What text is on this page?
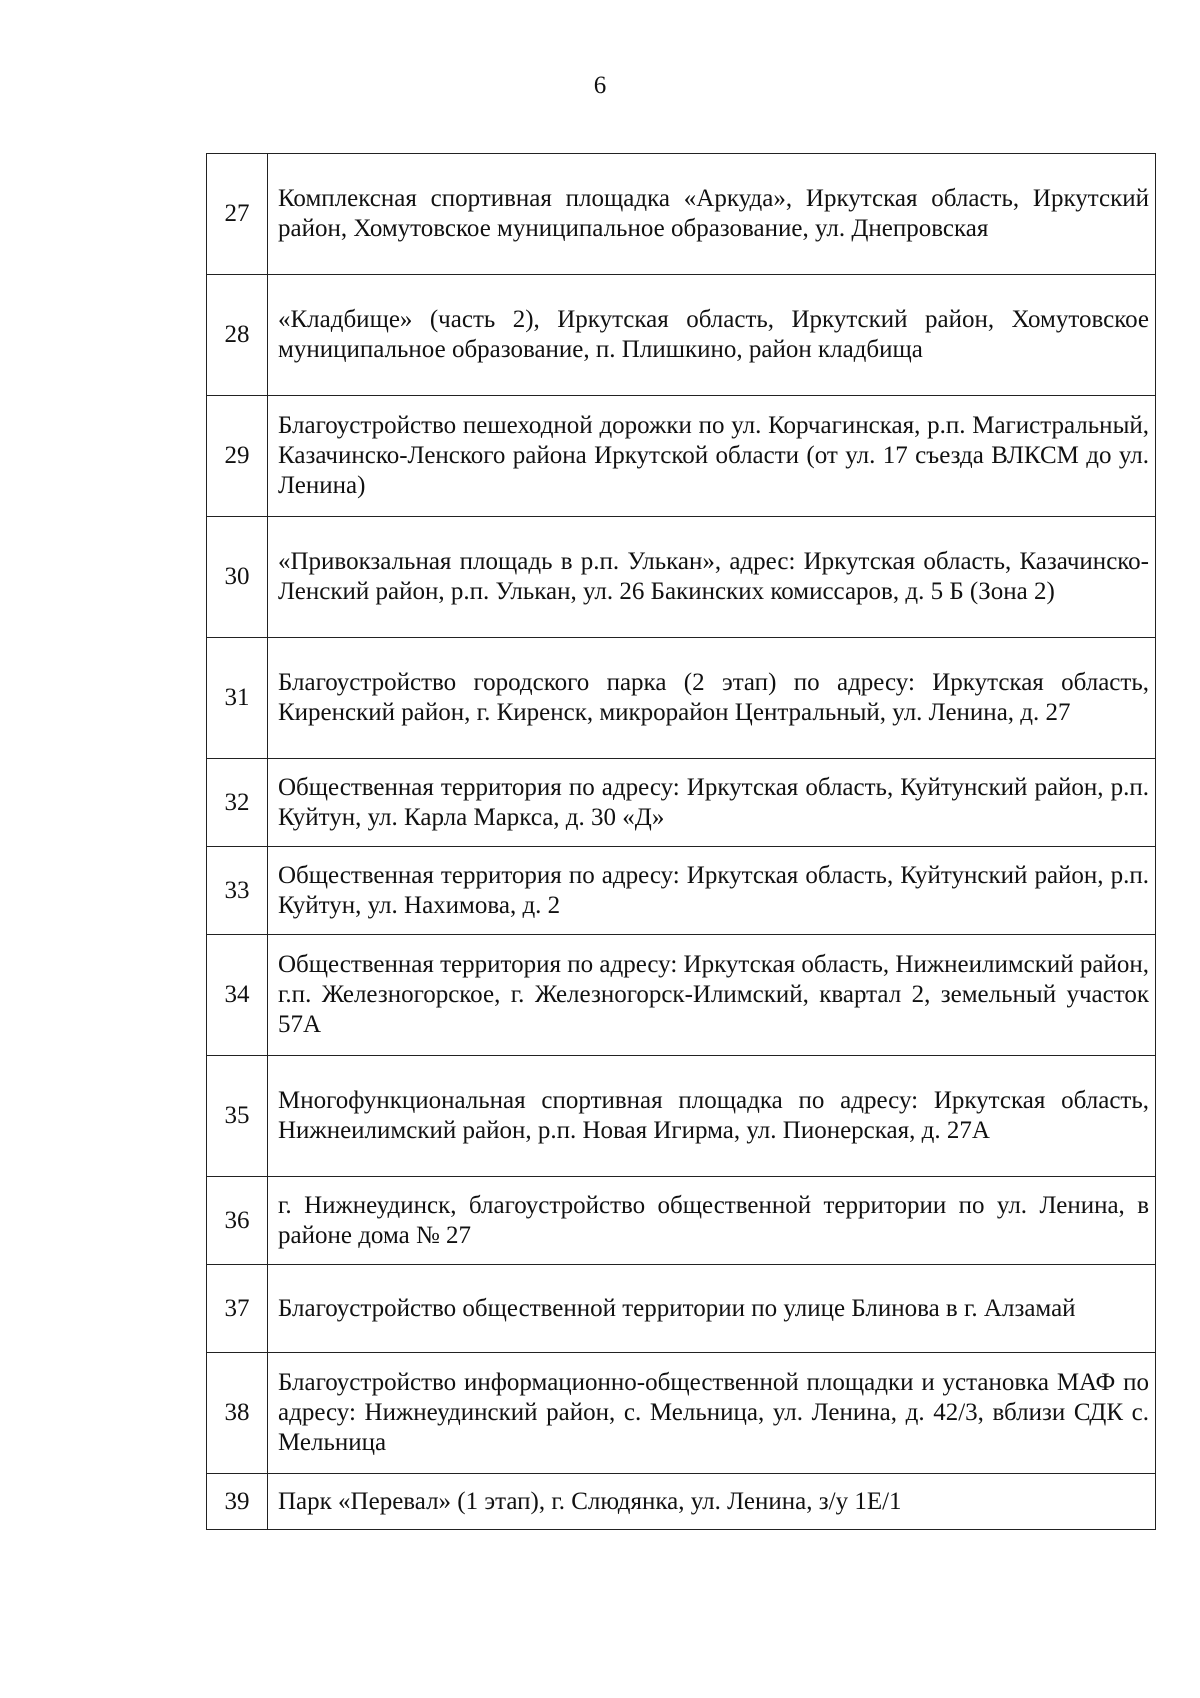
6
27	Комплексная спортивная площадка «Аркуда», Иркутская область, Иркутский район, Хомутовское муниципальное образование, ул. Днепровская
28	«Кладбище» (часть 2), Иркутская область, Иркутский район, Хомутовское муниципальное образование, п. Плишкино, район кладбища
29	Благоустройство пешеходной дорожки по ул. Корчагинская, р.п. Магистральный, Казачинско-Ленского района Иркутской области (от ул. 17 съезда ВЛКСМ до ул. Ленина)
30	«Привокзальная площадь в р.п. Улькан», адрес: Иркутская область, Казачинско-Ленский район, р.п. Улькан, ул. 26 Бакинских комиссаров, д. 5 Б (Зона 2)
31	Благоустройство городского парка (2 этап) по адресу: Иркутская область, Киренский район, г. Киренск, микрорайон Центральный, ул. Ленина, д. 27
32	Общественная территория по адресу: Иркутская область, Куйтунский район, р.п. Куйтун, ул. Карла Маркса, д. 30 «Д»
33	Общественная территория по адресу: Иркутская область, Куйтунский район, р.п. Куйтун, ул. Нахимова, д. 2
34	Общественная территория по адресу: Иркутская область, Нижнеилимский район, г.п. Железногорское, г. Железногорск-Илимский, квартал 2, земельный участок 57А
35	Многофункциональная спортивная площадка по адресу: Иркутская область, Нижнеилимский район, р.п. Новая Игирма, ул. Пионерская, д. 27А
36	г. Нижнеудинск, благоустройство общественной территории по ул. Ленина, в районе дома № 27
37	Благоустройство общественной территории по улице Блинова в г. Алзамай
38	Благоустройство информационно-общественной площадки и установка МАФ по адресу: Нижнеудинский район, с. Мельница, ул. Ленина, д. 42/3, вблизи СДК с. Мельница
39	Парк «Перевал» (1 этап), г. Слюдянка, ул. Ленина, з/у 1Е/1
